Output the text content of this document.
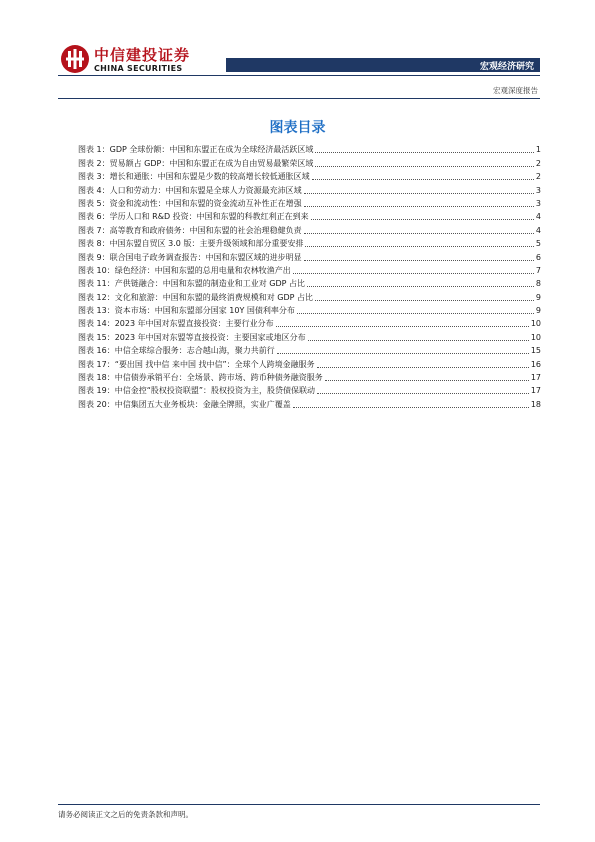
中信建投证券
CHINA SECURITIES	宏观经济研究
宏观深度报告
图表目录
图表 1：GDP 全球份额：中国和东盟正在成为全球经济最活跃区域	1
图表 2：贸易额占 GDP：中国和东盟正在成为自由贸易最繁荣区域	2
图表 3：增长和通胀：中国和东盟是少数的较高增长较低通胀区域	2
图表 4：人口和劳动力：中国和东盟是全球人力资源最充沛区域	3
图表 5：资金和流动性：中国和东盟的资金流动互补性正在增强	3
图表 6：学历人口和 R&D 投资：中国和东盟的科教红利正在到来	4
图表 7：高等教育和政府债务：中国和东盟的社会治理稳健负责	4
图表 8：中国东盟自贸区 3.0 版：主要升级领域和部分重要安排	5
图表 9：联合国电子政务调查报告：中国和东盟区域的进步明显	6
图表 10：绿色经济：中国和东盟的总用电量和农林牧渔产出	7
图表 11：产供链融合：中国和东盟的制造业和工业对 GDP 占比	8
图表 12：文化和旅游：中国和东盟的最终消费规模和对 GDP 占比	9
图表 13：资本市场：中国和东盟部分国家 10Y 国债利率分布	9
图表 14：2023 年中国对东盟直接投资：主要行业分布	10
图表 15：2023 年中国对东盟等直接投资：主要国家或地区分布	10
图表 16：中信全球综合服务：志合越山海，聚力共前行	15
图表 17：“要出国 找中信 来中国 找中信”：全球个人跨境金融服务	16
图表 18：中信债券承销平台：全场景、跨市场、跨币种债务融资服务	17
图表 19：中信金控“股权投资联盟”：股权投资为主，股贷债保联动	17
图表 20：中信集团五大业务板块：金融全牌照，实业广覆盖	18
请务必阅读正文之后的免责条款和声明。
